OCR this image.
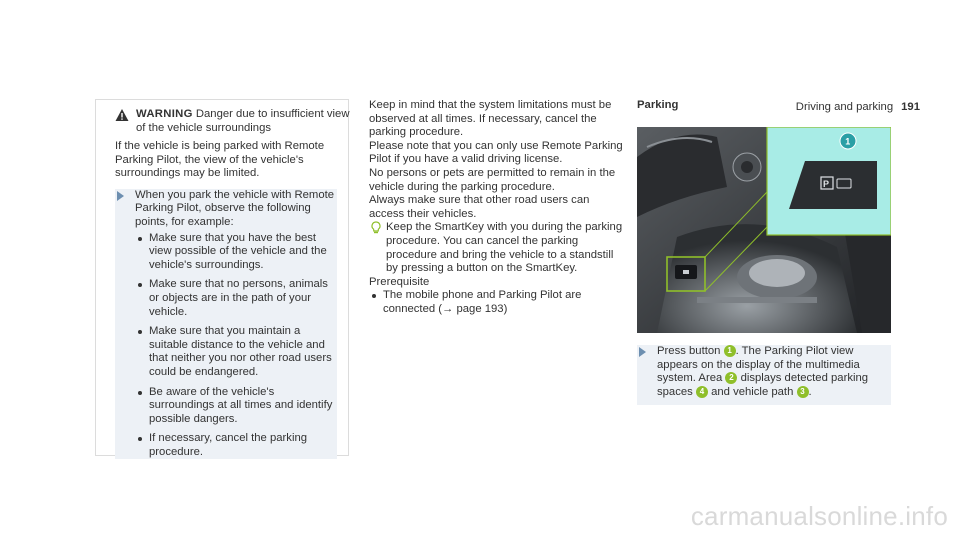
Driving and parking 191
WARNING Danger due to insufficient view of the vehicle surroundings

If the vehicle is being parked with Remote Parking Pilot, the view of the vehicle's surroundings may be limited.

When you park the vehicle with Remote Parking Pilot, observe the following points, for example:

Make sure that you have the best view possible of the vehicle and the vehicle's surroundings.
Make sure that no persons, animals or objects are in the path of your vehicle.
Make sure that you maintain a suitable distance to the vehicle and that neither you nor other road users could be endangered.
Be aware of the vehicle's surroundings at all times and identify possible dangers.
If necessary, cancel the parking procedure.

Keep in mind that the system limitations must be observed at all times. If necessary, cancel the parking procedure.

Please note that you can only use Remote Parking Pilot if you have a valid driving license.

No persons or pets are permitted to remain in the vehicle during the parking procedure.

Always make sure that other road users can access their vehicles.

Keep the SmartKey with you during the parking procedure. You can cancel the parking procedure and bring the vehicle to a standstill by pressing a button on the SmartKey.

Prerequisite

The mobile phone and Parking Pilot are connected (→ page 193)
Parking
P
1

Press button 1 . The Parking Pilot view appears on the display of the multimedia system. Area 2 displays detected parking spaces 4 and vehicle path 3 .

carmanualsonline.info
